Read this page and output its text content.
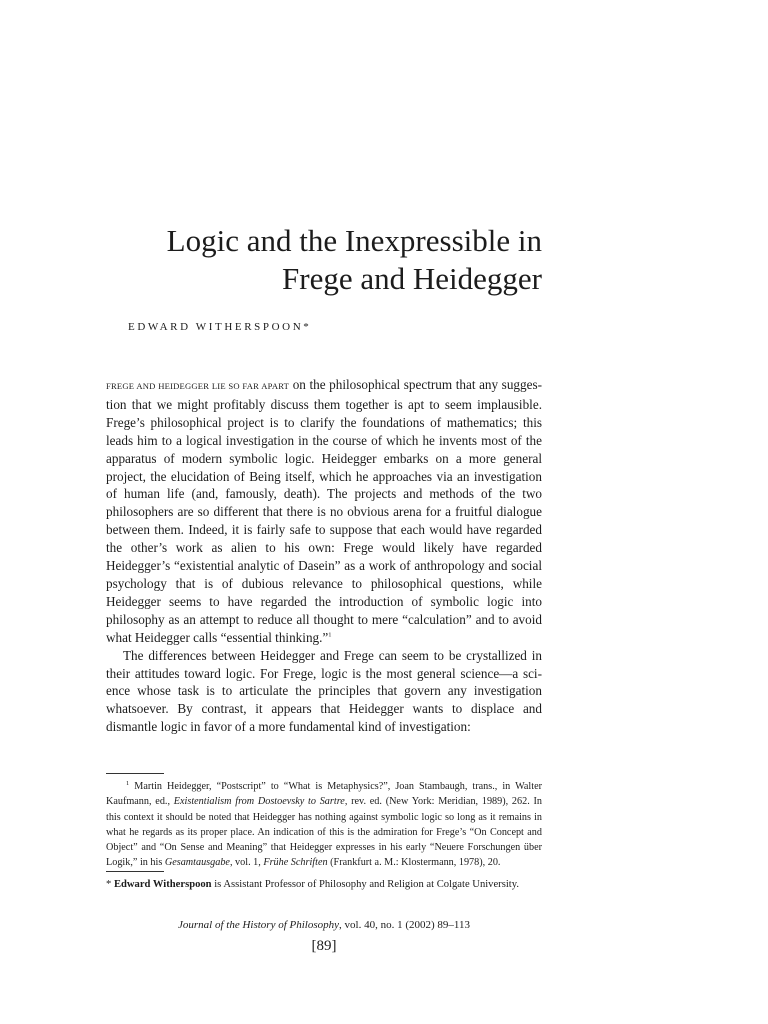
Logic and the Inexpressible in
Frege and Heidegger

EDWARD WITHERSPOON*

FREGE AND HEIDEGGER LIE SO FAR APART on the philosophical spectrum that any suggestion that we might profitably discuss them together is apt to seem implausible. Frege’s philosophical project is to clarify the foundations of mathematics; this leads him to a logical investigation in the course of which he invents most of the apparatus of modern symbolic logic. Heidegger embarks on a more general project, the elucidation of Being itself, which he approaches via an investigation of human life (and, famously, death). The projects and methods of the two philosophers are so different that there is no obvious arena for a fruitful dialogue between them. Indeed, it is fairly safe to suppose that each would have regarded the other’s work as alien to his own: Frege would likely have regarded Heidegger’s “existential analytic of Dasein” as a work of anthropology and social psychology that is of dubious relevance to philosophical questions, while Heidegger seems to have regarded the introduction of symbolic logic into philosophy as an attempt to reduce all thought to mere “calculation” and to avoid what Heidegger calls “essential thinking.”$^1$

The differences between Heidegger and Frege can seem to be crystallized in their attitudes toward logic. For Frege, logic is the most general science—a science whose task is to articulate the principles that govern any investigation whatsoever. By contrast, it appears that Heidegger wants to displace and dismantle logic in favor of a more fundamental kind of investigation:

$^1$ Martin Heidegger, “Postscript” to “What is Metaphysics?”, Joan Stambaugh, trans., in Walter Kaufmann, ed., Existentialism from Dostoevsky to Sartre, rev. ed. (New York: Meridian, 1989), 262. In this context it should be noted that Heidegger has nothing against symbolic logic so long as it remains in what he regards as its proper place. An indication of this is the admiration for Frege’s “On Concept and Object” and “On Sense and Meaning” that Heidegger expresses in his early “Neuere Forschungen über Logik,” in his Gesamtausgabe, vol. 1, Frühe Schriften (Frankfurt a. M.: Klostermann, 1978), 20.

* Edward Witherspoon is Assistant Professor of Philosophy and Religion at Colgate University.

Journal of the History of Philosophy, vol. 40, no. 1 (2002) 89–113

[89]
